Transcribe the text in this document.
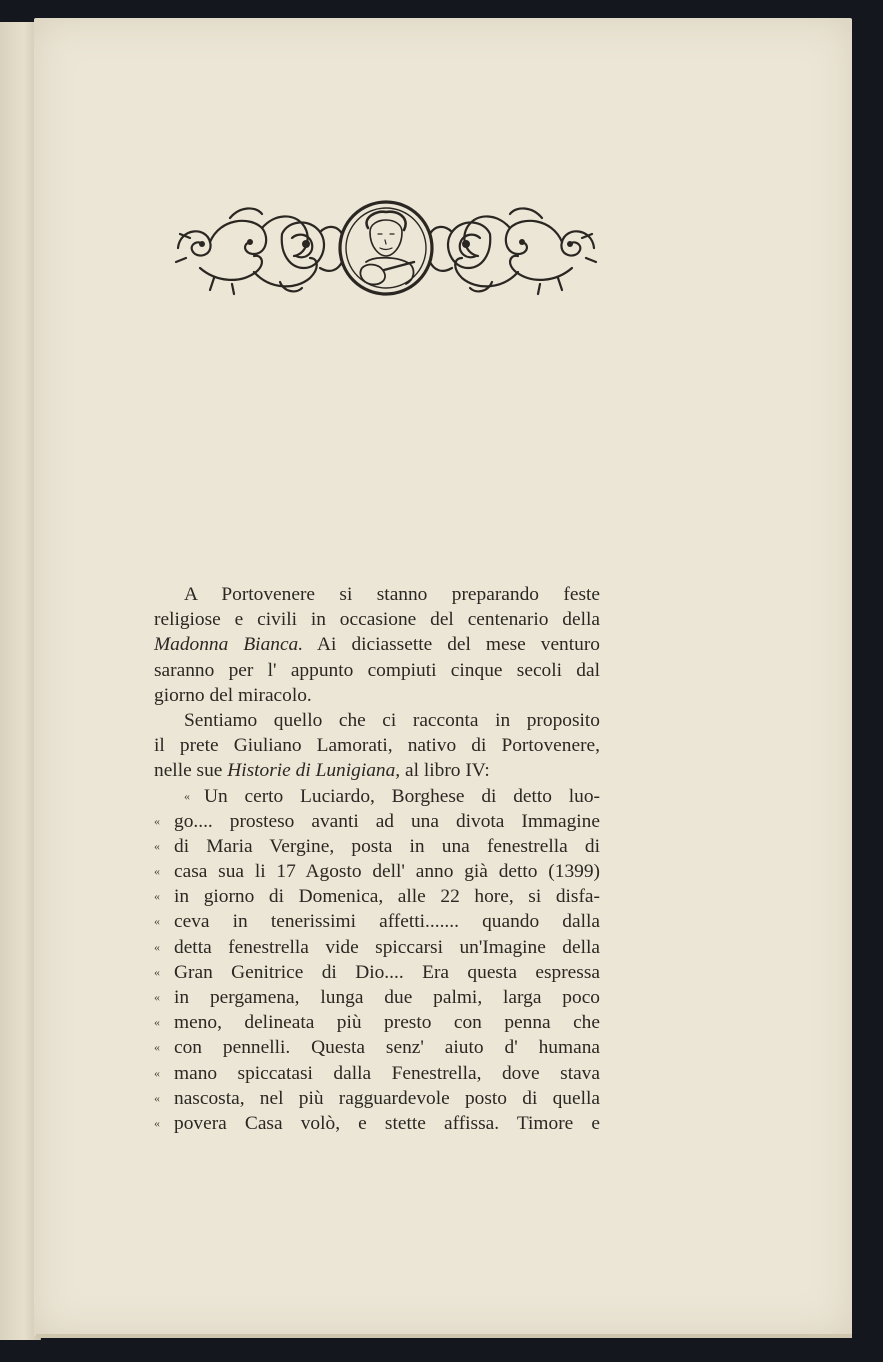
A Portovenere si stanno preparando feste
religiose e civili in occasione del centenario della
Madonna Bianca. Ai diciassette del mese venturo
saranno per l' appunto compiuti cinque secoli dal
giorno del miracolo.
Sentiamo quello che ci racconta in proposito
il prete Giuliano Lamorati, nativo di Portovenere,
nelle sue Historie di Lunigiana, al libro IV:
« Un certo Luciardo, Borghese di detto luo-
« go.... prosteso avanti ad una divota Immagine
« di Maria Vergine, posta in una fenestrella di
« casa sua li 17 Agosto dell' anno già detto (1399)
« in giorno di Domenica, alle 22 hore, si disfa-
« ceva in tenerissimi affetti....... quando dalla
« detta fenestrella vide spiccarsi un'Imagine della
« Gran Genitrice di Dio.... Era questa espressa
« in pergamena, lunga due palmi, larga poco
« meno, delineata più presto con penna che
« con pennelli. Questa senz' aiuto d' humana
« mano spiccatasi dalla Fenestrella, dove stava
« nascosta, nel più ragguardevole posto di quella
« povera Casa volò, e stette affissa. Timore e
